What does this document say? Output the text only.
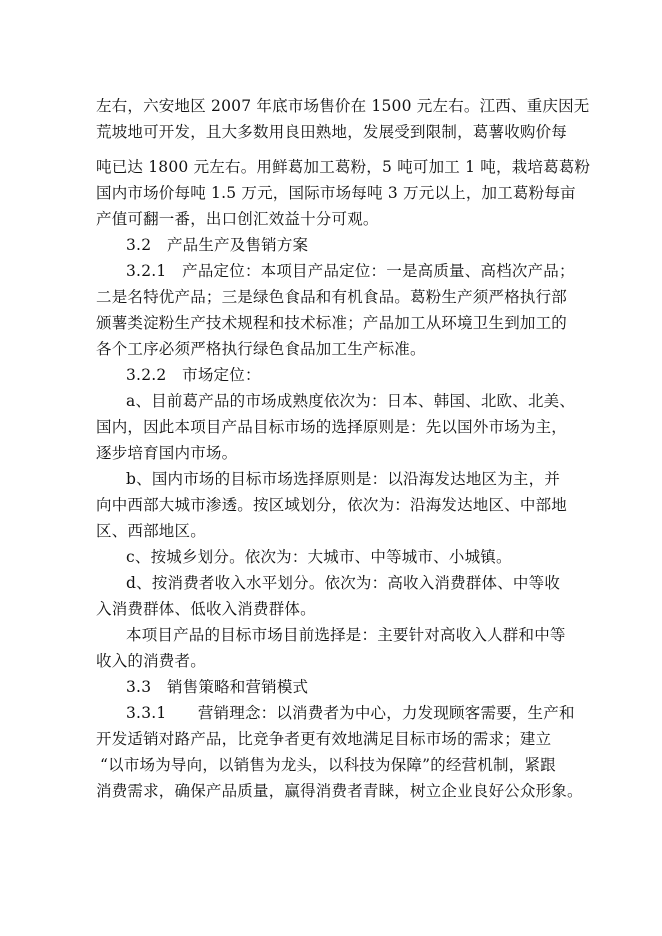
左右，六安地区 2007 年底市场售价在 1500 元左右。江西、重庆因无
荒坡地可开发，且大多数用良田熟地，发展受到限制，葛薯收购价每
吨已达 1800 元左右。用鲜葛加工葛粉，5 吨可加工 1 吨，栽培葛葛粉
国内市场价每吨 1.5 万元，国际市场每吨 3 万元以上，加工葛粉每亩
产值可翻一番，出口创汇效益十分可观。
3.2　产品生产及售销方案
3.2.1　产品定位：本项目产品定位：一是高质量、高档次产品；
二是名特优产品；三是绿色食品和有机食品。葛粉生产须严格执行部
颁薯类淀粉生产技术规程和技术标准；产品加工从环境卫生到加工的
各个工序必须严格执行绿色食品加工生产标准。
3.2.2　市场定位：
a、目前葛产品的市场成熟度依次为：日本、韩国、北欧、北美、
国内，因此本项目产品目标市场的选择原则是：先以国外市场为主，
逐步培育国内市场。
b、国内市场的目标市场选择原则是：以沿海发达地区为主，并
向中西部大城市渗透。按区域划分，依次为：沿海发达地区、中部地
区、西部地区。
c、按城乡划分。依次为：大城市、中等城市、小城镇。
d、按消费者收入水平划分。依次为：高收入消费群体、中等收
入消费群体、低收入消费群体。
本项目产品的目标市场目前选择是：主要针对高收入人群和中等
收入的消费者。
3.3　销售策略和营销模式
3.3.1　　营销理念：以消费者为中心，力发现顾客需要，生产和
开发适销对路产品，比竞争者更有效地满足目标市场的需求；建立
“以市场为导向，以销售为龙头，以科技为保障”的经营机制，紧跟
消费需求，确保产品质量，赢得消费者青睐，树立企业良好公众形象。
